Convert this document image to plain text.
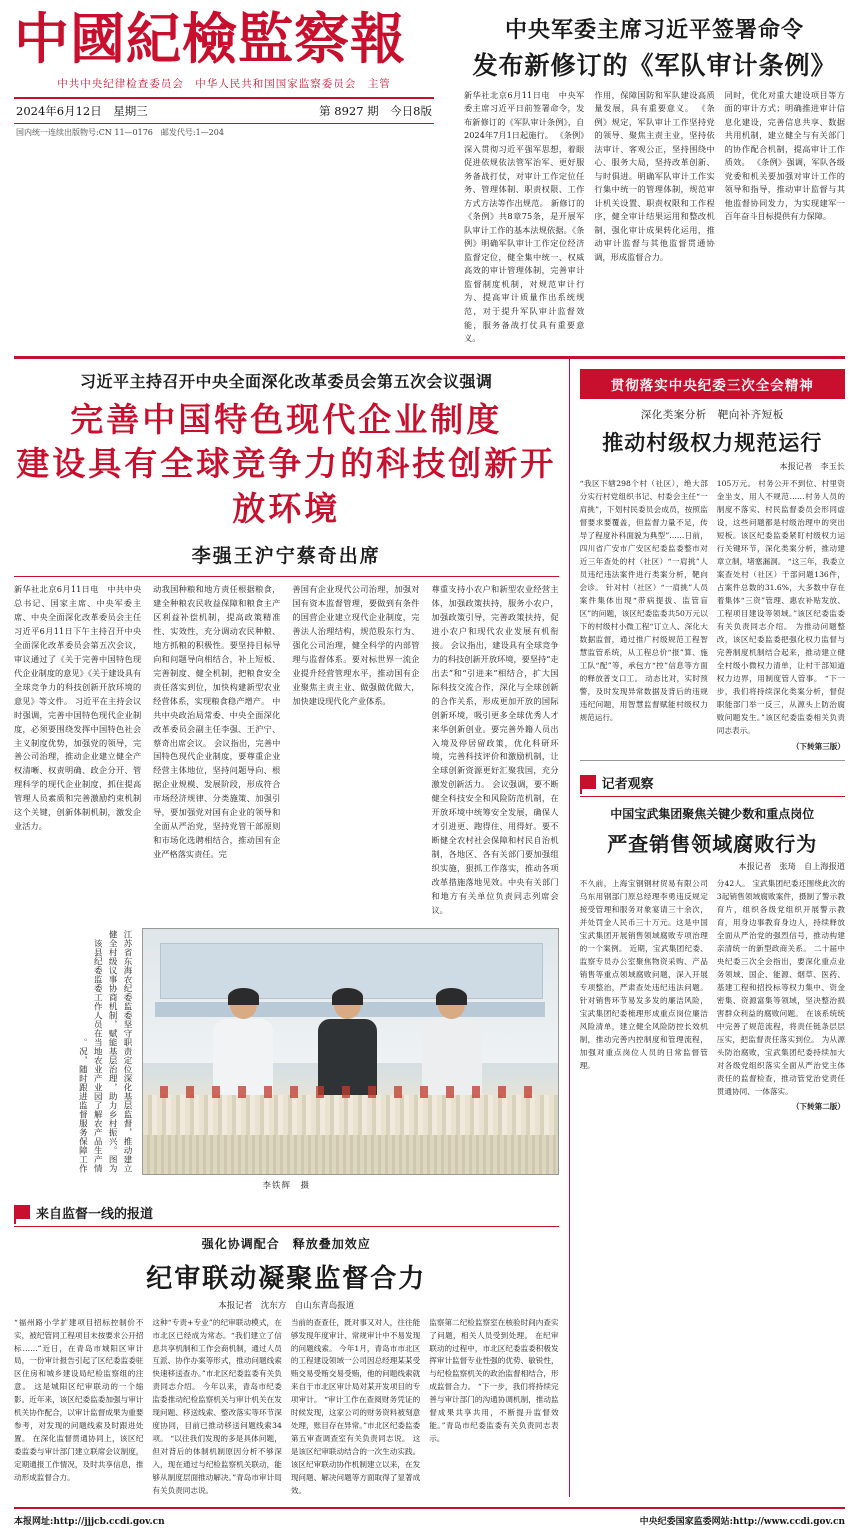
中國紀檢監察報
中共中央纪律检查委员会　中华人民共和国国家监察委员会　主管
2024年6月12日　星期三	第 8927 期　今日8版
国内统一连续出版物号:CN 11—0176　邮发代号:1—204
中央军委主席习近平签署命令
发布新修订的《军队审计条例》
新华社北京6月11日电　中央军委主席习近平日前签署命令，发布新修订的《军队审计条例》，自2024年7月1日起施行。 《条例》深入贯彻习近平强军思想，着眼促进依规依法管军治军、更好服务备战打仗，对审计工作定位任务、管理体制、职责权限、工作方式方法等作出规范。 新修订的《条例》共8章75条，是开展军队审计工作的基本法规依据。《条例》明确军队审计工作定位经济监督定位，健全集中统一、权威高效的审计管理体制，完善审计监督制度机制，对规范审计行为、提高审计质量作出系统规范，对于提升军队审计监督效能，服务备战打仗具有重要意义。
作用，保障国防和军队建设高质量发展，具有重要意义。 《条例》规定，军队审计工作坚持党的领导、聚焦主责主业，坚持依法审计、客观公正，坚持围绕中心、服务大局，坚持改革创新、与时俱进。明确军队审计工作实行集中统一的管理体制，规范审计机关设置、职责权限和工作程序，健全审计结果运用和整改机制，强化审计成果转化运用，推动审计监督与其他监督贯通协调，形成监督合力。
同时，优化对重大建设项目等方面的审计方式；明确推进审计信息化建设，完善信息共享、数据共用机制，建立健全与有关部门的协作配合机制，提高审计工作质效。 《条例》强调，军队各级党委和机关要加强对审计工作的领导和指导，推动审计监督与其他监督协同发力，为实现建军一百年奋斗目标提供有力保障。
习近平主持召开中央全面深化改革委员会第五次会议强调
完善中国特色现代企业制度
建设具有全球竞争力的科技创新开放环境
李强王沪宁蔡奇出席
新华社北京6月11日电　中共中央总书记、国家主席、中央军委主席、中央全面深化改革委员会主任习近平6月11日下午主持召开中央全面深化改革委员会第五次会议，审议通过了《关于完善中国特色现代企业制度的意见》《关于建设具有全球竞争力的科技创新开放环境的意见》等文件。 习近平在主持会议时强调，完善中国特色现代企业制度，必须要围绕发挥中国特色社会主义制度优势，加强党的领导，完善公司治理，推动企业建立健全产权清晰、权责明确、政企分开、管理科学的现代企业制度，抓住提高管理人员素质和完善激励约束机制这个关键，创新体制机制，激发企业活力。
动我国种粮和地方责任根据粮食，建全种粮农民收益保障和粮食主产区利益补偿机制，提高政策精准性、实效性，充分调动农民种粮、地方抓粮的积极性。要坚持目标导向和问题导向相结合，补上短板、完善制度、健全机制，把粮食安全责任落实到位，加快构建新型农业经营体系，实现粮食稳产增产。 中共中央政治局常委、中央全面深化改革委员会副主任李强、王沪宁、蔡奇出席会议。 会议指出，完善中国特色现代企业制度，要尊重企业经营主体地位，坚持问题导向、根据企业规模、发展阶段，形成符合市场经济规律、分类施策、加强引导，要加强党对国有企业的领导和全面从严治党，坚持党管干部原则和市场化选聘相结合，推动国有企业严格落实责任。完
善国有企业现代公司治理，加强对国有资本监督管理，要做到有条件的国营企业建立现代企业制度，完善法人治理结构，规范股东行为、强化公司治理，健全科学的内部管理与监督体系。要对标世界一流企业提升经营管理水平，推动国有企业聚焦主责主业、做强做优做大，加快建设现代化产业体系。
尊重支持小农户和新型农业经营主体，加强政策扶持，服务小农户，加强政策引导，完善政策扶持，促进小农户和现代农业发展有机衔接。 会议指出，建设具有全球竞争力的科技创新开放环境，要坚持“走出去”和“引进来”相结合，扩大国际科技交流合作，深化与全球创新的合作关系，形成更加开放的国际创新环境，吸引更多全球优秀人才来华创新创业。要完善外籍人员出入境及停居留政策，优化科研环境，完善科技评价和激励机制，让全球创新资源更好汇聚我国，充分激发创新活力。 会议强调，要不断健全科技安全和风险防范机制，在开放环境中统筹安全发展，确保人才引进更、跑得住、用得好。要不断健全农村社会保障和村民自治机制，各地区、各有关部门要加强组织实施，狠抓工作落实，推动各项改革措施落地见效。中央有关部门和地方有关单位负责同志列席会议。
江苏省东海农纪委监委坚守职责定位深化基层监督，推动建立健全村级议事协商机制，赋能基层治理，助力乡村振兴。图为该县纪委监委工作人员在当地农业产业园了解农产品生产情况，随时跟进监督服务保障工作。
李铁辉　摄
来自监督一线的报道
强化协调配合　释放叠加效应
纪审联动凝聚监督合力
本报记者　沈东方　自山东青岛报道
“福州路小学扩建项目招标控制价不实，被纪管同工程项目未按要求公开招标……”近日，在青岛市城阳区审计局，一份审计报告引起了区纪委监委驻区住房和城乡建设局纪检监察组的注意。 这是城阳区纪审联动的一个缩影。近年来，该区纪委监委加强与审计机关协作配合，以审计监督成果为重要参考，对发现的问题线索及时跟进处置。 在深化监督贯通协同上，该区纪委监委与审计部门建立联席会议制度，定期通报工作情况，及时共享信息，推动形成监督合力。
这种“专责+专业”的纪审联动模式，在市北区已经成为常态。“我们建立了信息共享机制和工作会商机制，通过人员互派、协作办案等形式，推动问题线索快速移送查办。”市北区纪委监委有关负责同志介绍。 今年以来，青岛市纪委监委推动纪检监察机关与审计机关在发现问题、移送线索、整改落实等环节深度协同，目前已推动移送问题线索34项。 “以往我们发现的多是具体问题，但对背后的体制机制原因分析不够深入，现在通过与纪检监察机关联动，能够从制度层面推动解决。”青岛市审计局有关负责同志说。
当前的查查任，既对事又对人，往往能够发现年度审计、常规审计中不易发现的问题线索。 今年1月，青岛市市北区的工程建设领域一公司因总经理某某受贿交易受贿交易受贿，他的问题线索就来自于市北区审计局对某开发项目的专项审计。 “审计工作在查阅财务凭证的时候发现，这家公司的财务资料被刻意处理，账目存在异常。”市北区纪委监委第五审查调查室有关负责同志说。 这是该区纪审联动结合的一次生动实践。该区纪审联动协作机制建立以来，在发现问题、解决问题等方面取得了显著成效。
监察第二纪检监察室在核验时间内查实了问题，相关人员受到处理。 在纪审联动的过程中，市北区纪委监委积极发挥审计监督专业性强的优势、敏锐性，与纪检监察机关的政治监督相结合，形成监督合力。 “下一步，我们将持续完善与审计部门的沟通协调机制，推动监督成果共享共用，不断提升监督效能。”青岛市纪委监委有关负责同志表示。
贯彻落实中央纪委三次全会精神
深化类案分析　靶向补齐短板
推动村级权力规范运行
本报记者　李玉长
“我区下辖298个村（社区），绝大部分实行村党组织书记、村委会主任“一肩挑”，下划村民委员会成员，按照监督要求要覆盖，但监督力量不足，传导了程度补科面貌为典型”……日前，四川省广安市广安区纪委监委整市对近三年查处的村（社区）“一肩挑”人员违纪违法案件进行类案分析，靶向会诊。 针对村（社区）“一肩挑”人员案件集体出现“带病提拔、监管盲区”的问题，该区纪委监委共50万元以下的村级村小微工程“订立人、深化大数据监督，通过推广村级规范工程智慧监管系统，从工程总价“报”算、施工队“配”等，承包方“控”信息等方面的释放普支口工。 动态比对，实时预警，及时发现异常数据及背后的违规违纪问题，用智慧监督赋能村级权力规范运行。
105万元。 村务公开不到位、村里资金坐支、用人不规范……村务人员的制度不落实、村民监督委员会形同虚设，这些问题都是村级治理中的突出短板。该区纪委监委紧盯村级权力运行关键环节，深化类案分析，推动建章立制，堵塞漏洞。 “这三年，我委立案查处村（社区）干部问题136件，占案件总数的31.6%，大多数中存在着集体“三资”管理、惠农补贴发放、工程项目建设等领域。”该区纪委监委有关负责同志介绍。 为推动问题整改，该区纪委监委把强化权力监督与完善制度机制结合起来，推动建立健全村级小微权力清单，让村干部知道权力边界，用制度管人管事。 “下一步，我们将持续深化类案分析，督促职能部门举一反三，从源头上防治腐败问题发生。”该区纪委监委相关负责同志表示。
（下转第三版）
记者观察
中国宝武集团聚焦关键少数和重点岗位
严查销售领域腐败行为
本报记者　张琦　自上海报道
不久前，上海宝钢钢材贸易有限公司乌东用钢部门原总经理李勇违反规定接受管理和服务对象宴请三十余次，并处罚金人民币三十万元。这是中国宝武集团开展销售领域腐败专项治理的一个案例。 近期，宝武集团纪委、监察专员办公室聚焦物资采购、产品销售等重点领域腐败问题，深入开展专项整治，严肃查处违纪违法问题。 针对销售环节易发多发的廉洁风险，宝武集团纪委梳理形成重点岗位廉洁风险清单，建立健全风险防控长效机制，推动完善内控制度和管理流程，加强对重点岗位人员的日常监督管理。
分42人。 宝武集团纪委还围绕此次的3起销售领域腐败案件，摄制了警示教育片，组织各级党组织开展警示教育，用身边事教育身边人，持续释放全面从严治党的强烈信号，推动构建亲清统一的新型政商关系。 二十届中央纪委三次全会指出，要深化重点业务领域、国企、能源、烟草、医药、基建工程和招投标等权力集中、资金密集、资源富集等领域，坚决整治损害群众利益的腐败问题。 在该系统统中完善了规范流程，将责任链条层层压实，把监督责任落实到位。 为从源头防治腐败，宝武集团纪委持续加大对各级党组织落实全面从严治党主体责任的监督检查，推动管党治党责任贯通协同、一体落实。
（下转第二版）
本报网址:http://jjjcb.ccdi.gov.cn	中央纪委国家监委网站:http://www.ccdi.gov.cn
